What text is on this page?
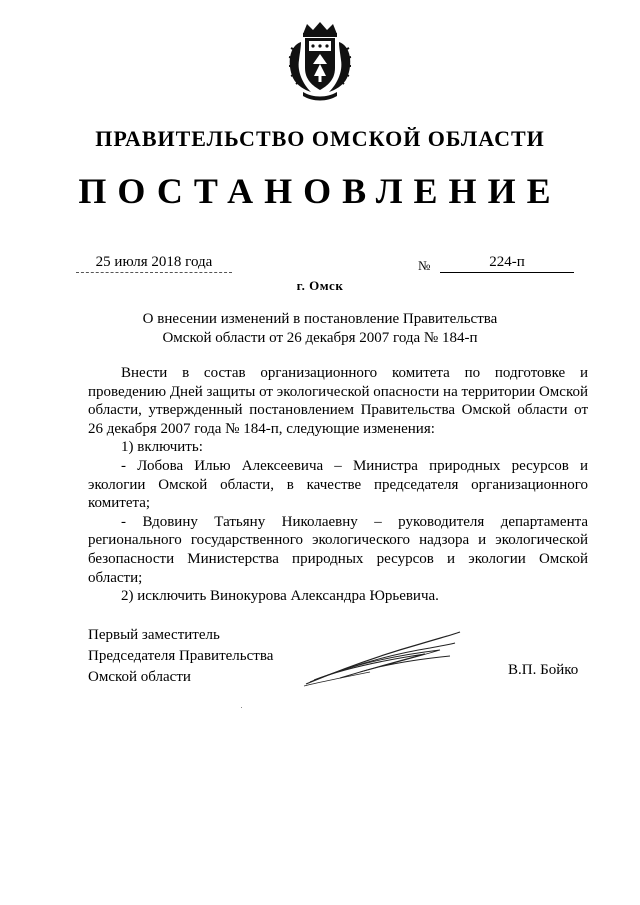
ПРАВИТЕЛЬСТВО ОМСКОЙ ОБЛАСТИ
ПОСТАНОВЛЕНИЕ
25 июля 2018 года	№	224-п
г. Омск
О внесении изменений в постановление Правительства
Омской области от 26 декабря 2007 года № 184-п

Внести в состав организационного комитета по подготовке и проведению Дней защиты от экологической опасности на территории Омской области, утвержденный постановлением Правительства Омской области от 26 декабря 2007 года № 184-п, следующие изменения:

1) включить:

- Лобова Илью Алексеевича – Министра природных ресурсов и экологии Омской области, в качестве председателя организационного комитета;

- Вдовину Татьяну Николаевну – руководителя департамента регионального государственного экологического надзора и экологической безопасности Министерства природных ресурсов и экологии Омской области;

2) исключить Винокурова Александра Юрьевича.

Первый заместитель
Председателя Правительства
Омской области	В.П. Бойко
